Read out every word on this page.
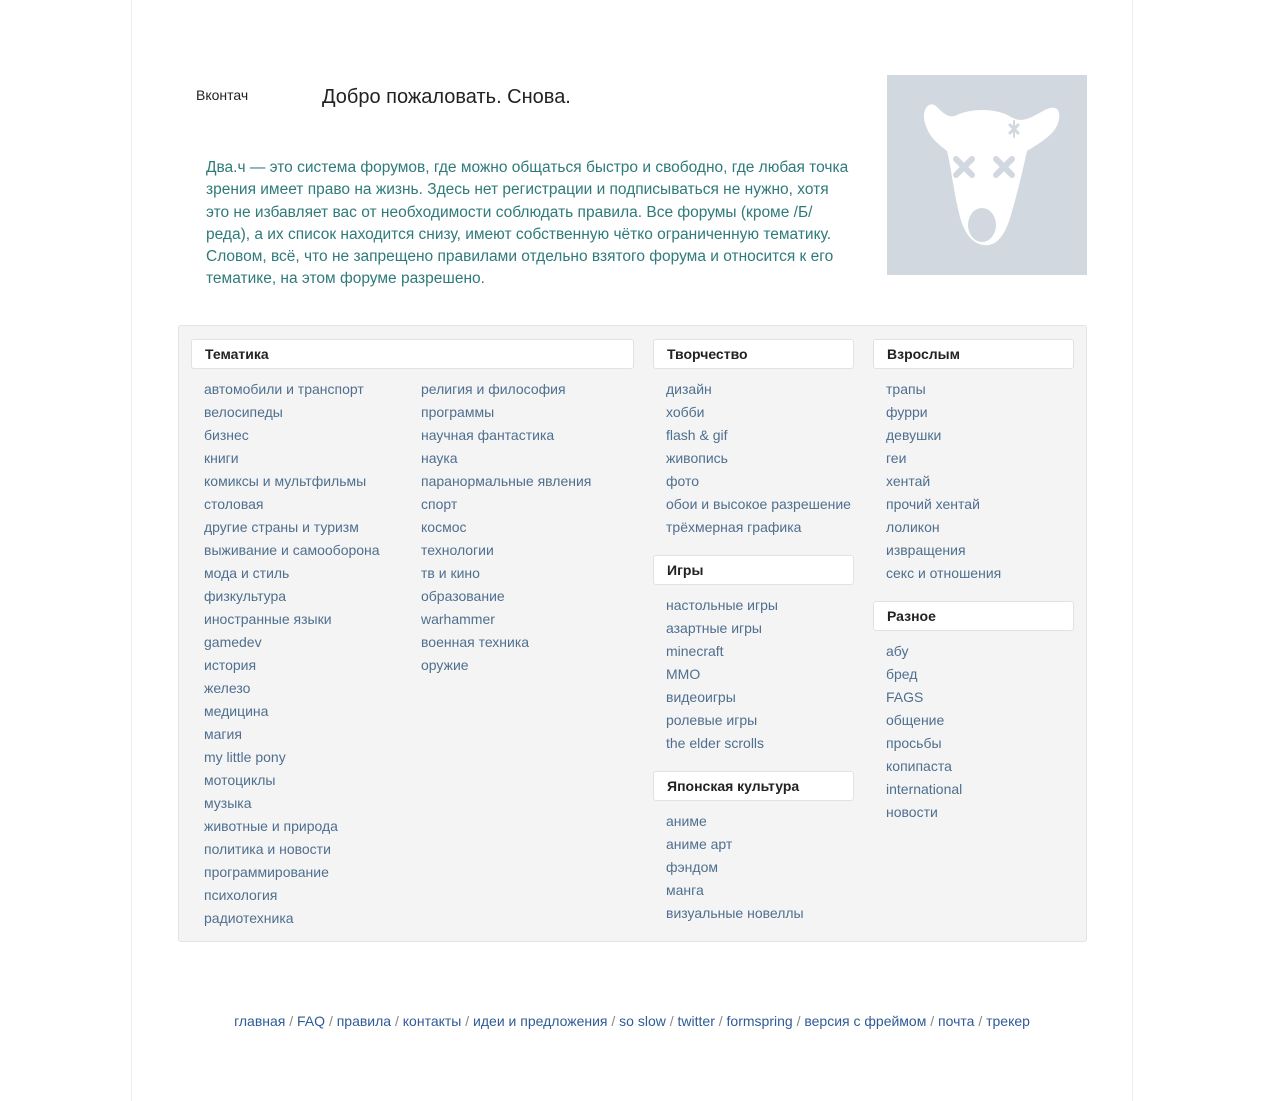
Вконтач	Добро пожаловать. Снова.
Два.ч — это система форумов, где можно общаться быстро и свободно, где любая точка зрения имеет право на жизнь. Здесь нет регистрации и подписываться не нужно, хотя это не избавляет вас от необходимости соблюдать правила. Все форумы (кроме /Б/реда), а их список находится снизу, имеют собственную чётко ограниченную тематику. Словом, всё, что не запрещено правилами отдельно взятого форума и относится к его тематике, на этом форуме разрешено.
Тематика
автомобили и транспорт
велосипеды
бизнес
книги
комиксы и мультфильмы
столовая
другие страны и туризм
выживание и самооборона
мода и стиль
физкультура
иностранные языки
gamedev
история
железо
медицина
магия
my little pony
мотоциклы
музыка
животные и природа
политика и новости
программирование
психология
радиотехника
религия и философия
программы
научная фантастика
наука
паранормальные явления
спорт
космос
технологии
тв и кино
образование
warhammer
военная техника
оружие
Творчество
дизайн
хобби
flash & gif
живопись
фото
обои и высокое разрешение
трёхмерная графика
Игры
настольные игры
азартные игры
minecraft
MMO
видеоигры
ролевые игры
the elder scrolls
Японская культура
аниме
аниме арт
фэндом
манга
визуальные новеллы
Взрослым
трапы
фурри
девушки
геи
хентай
прочий хентай
лоликон
извращения
секс и отношения
Разное
абу
бред
FAGS
общение
просьбы
копипаста
international
новости
главная / FAQ / правила / контакты / идеи и предложения / so slow / twitter / formspring / версия с фреймом / почта / трекер
